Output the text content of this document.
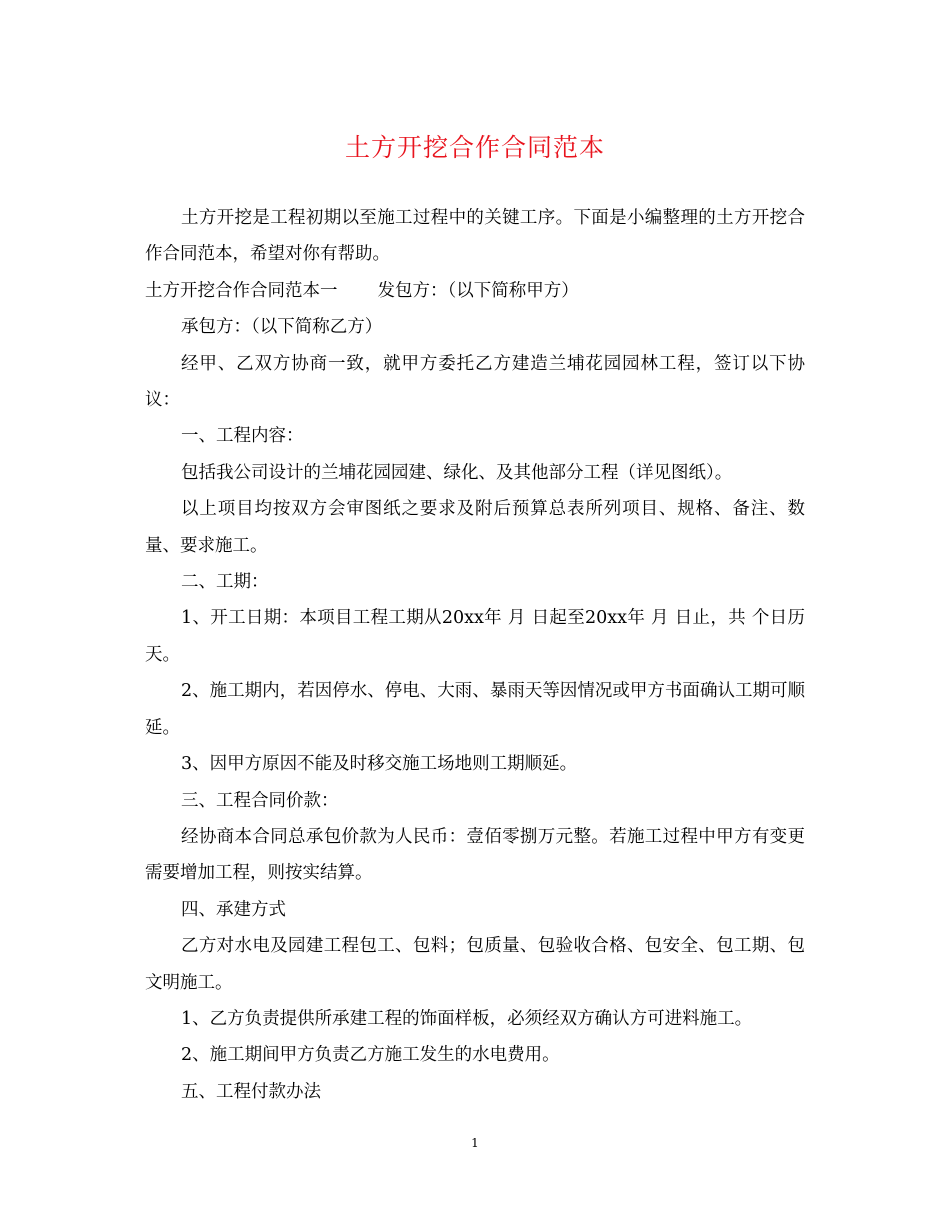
土方开挖合作合同范本

土方开挖是工程初期以至施工过程中的关键工序。下面是小编整理的土方开挖合作合同范本，希望对你有帮助。

土方开挖合作合同范本一 发包方：（以下简称甲方）

承包方：（以下简称乙方）

经甲、乙双方协商一致，就甲方委托乙方建造兰埔花园园林工程，签订以下协议：

一、工程内容：

包括我公司设计的兰埔花园园建、绿化、及其他部分工程（详见图纸）。

以上项目均按双方会审图纸之要求及附后预算总表所列项目、规格、备注、数量、要求施工。

二、工期：

1、开工日期：本项目工程工期从20xx年 月 日起至20xx年 月 日止，共 个日历天。

2、施工期内，若因停水、停电、大雨、暴雨天等因情况或甲方书面确认工期可顺延。

3、因甲方原因不能及时移交施工场地则工期顺延。

三、工程合同价款：

经协商本合同总承包价款为人民币：壹佰零捌万元整。若施工过程中甲方有变更需要增加工程，则按实结算。

四、承建方式

乙方对水电及园建工程包工、包料；包质量、包验收合格、包安全、包工期、包文明施工。

1、乙方负责提供所承建工程的饰面样板，必须经双方确认方可进料施工。

2、施工期间甲方负责乙方施工发生的水电费用。

五、工程付款办法

1
